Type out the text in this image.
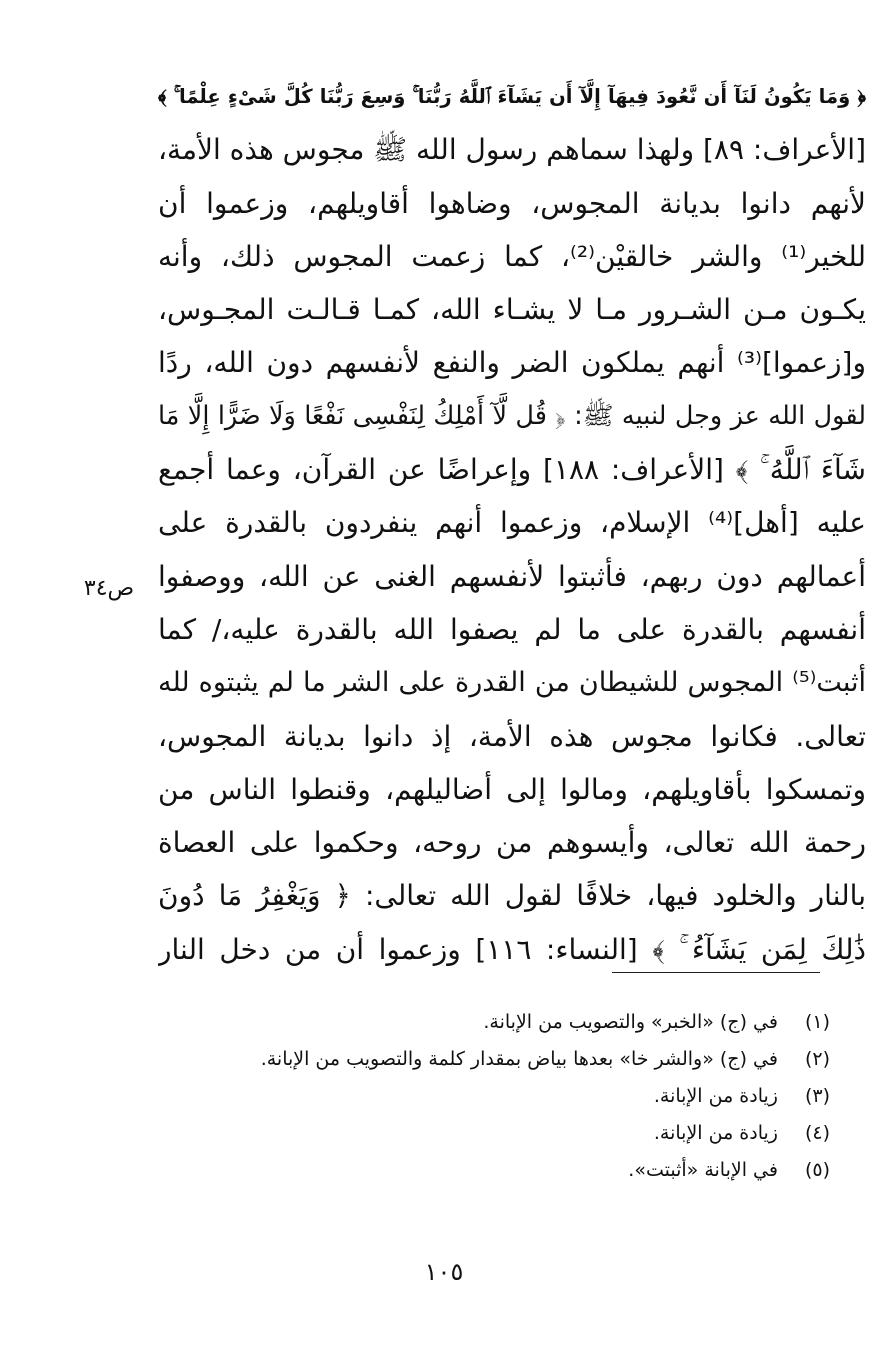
﴿ وَمَا يَكُونُ لَنَآ أَن نَّعُودَ فِيهَآ إِلَّآ أَن يَشَآءَ ٱللَّهُ رَبُّنَا ۚ وَسِعَ رَبُّنَا كُلَّ شَىْءٍ عِلْمًا ۚ ﴾
[الأعراف: ٨٩] ولهذا سماهم رسول الله ﷺ مجوس هذه الأمة،
لأنهم دانوا بديانة المجوس، وضاهوا أقاويلهم، وزعموا أن
للخير⁽¹⁾ والشر خالقيْن⁽²⁾، كما زعمت المجوس ذلك، وأنه
يكـون مـن الشـرور مـا لا يشـاء الله، كمـا قـالـت المجـوس،
و[زعموا]⁽³⁾ أنهم يملكون الضر والنفع لأنفسهم دون الله، ردًا
لقول الله عز وجل لنبيه ﷺ: ﴿ قُل لَّآ أَمْلِكُ لِنَفْسِى نَفْعًا وَلَا ضَرًّا إِلَّا مَا
شَآءَ ٱللَّهُ ۚ ﴾ [الأعراف: ١٨٨] وإعراضًا عن القرآن، وعما أجمع
عليه [أهل]⁽⁴⁾ الإسلام، وزعموا أنهم ينفردون بالقدرة على
أعمالهم دون ربهم، فأثبتوا لأنفسهم الغنى عن الله، ووصفوا
أنفسهم بالقدرة على ما لم يصفوا الله بالقدرة عليه،/ كما
أثبت⁽⁵⁾ المجوس للشيطان من القدرة على الشر ما لم يثبتوه لله
تعالى. فكانوا مجوس هذه الأمة، إذ دانوا بديانة المجوس،
وتمسكوا بأقاويلهم، ومالوا إلى أضاليلهم، وقنطوا الناس من
رحمة الله تعالى، وأيسوهم من روحه، وحكموا على العصاة
بالنار والخلود فيها، خلافًا لقول الله تعالى: ﴿ وَيَغْفِرُ مَا دُونَ
ذَٰلِكَ لِمَن يَشَآءُ ۚ ﴾ [النساء: ١١٦] وزعموا أن من دخل النار
ص٣٤
(١) في (ج) «الخبر» والتصويب من الإبانة.
(٢) في (ج) «والشر خا» بعدها بياض بمقدار كلمة والتصويب من الإبانة.
(٣) زيادة من الإبانة.
(٤) زيادة من الإبانة.
(٥) في الإبانة «أثبتت».
١٠٥
